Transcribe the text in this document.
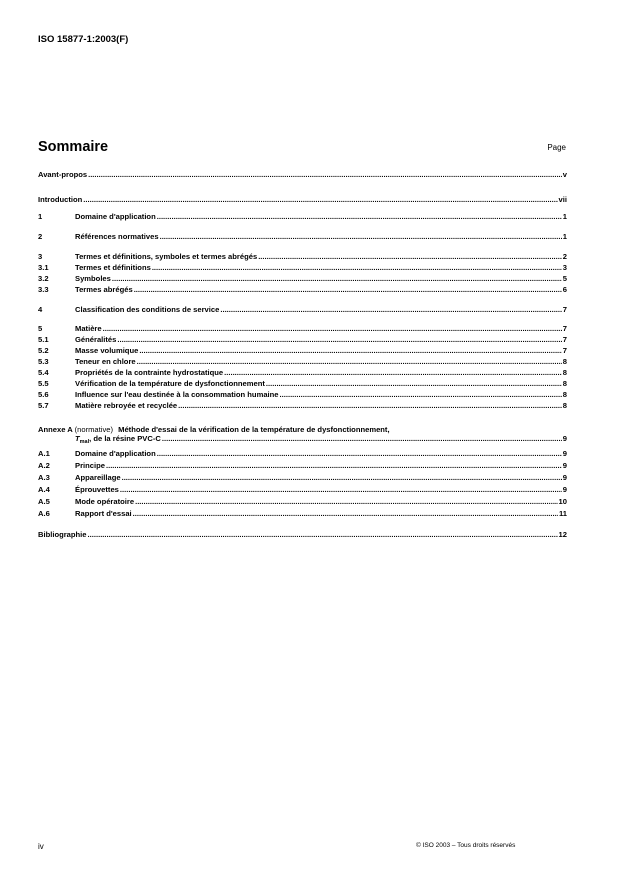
ISO 15877-1:2003(F)
Sommaire	Page
Avant-propos .....	v
Introduction .....	vii
1	Domaine d'application .....	1
2	Références normatives .....	1
3	Termes et définitions, symboles et termes abrégés .....	2
3.1	Termes et définitions .....	3
3.2	Symboles .....	5
3.3	Termes abrégés .....	6
4	Classification des conditions de service .....	7
5	Matière .....	7
5.1	Généralités .....	7
5.2	Masse volumique .....	7
5.3	Teneur en chlore .....	8
5.4	Propriétés de la contrainte hydrostatique .....	8
5.5	Vérification de la température de dysfonctionnement .....	8
5.6	Influence sur l'eau destinée à la consommation humaine .....	8
5.7	Matière rebroyée et recyclée .....	8
Annexe A (normative) Méthode d'essai de la vérification de la température de dysfonctionnement,
$T_{mal}$, de la résine PVC-C .....	9
A.1	Domaine d'application .....	9
A.2	Principe .....	9
A.3	Appareillage .....	9
A.4	Éprouvettes .....	9
A.5	Mode opératoire .....	10
A.6	Rapport d'essai .....	11
Bibliographie .....	12
iv	© ISO 2003 – Tous droits réservés
